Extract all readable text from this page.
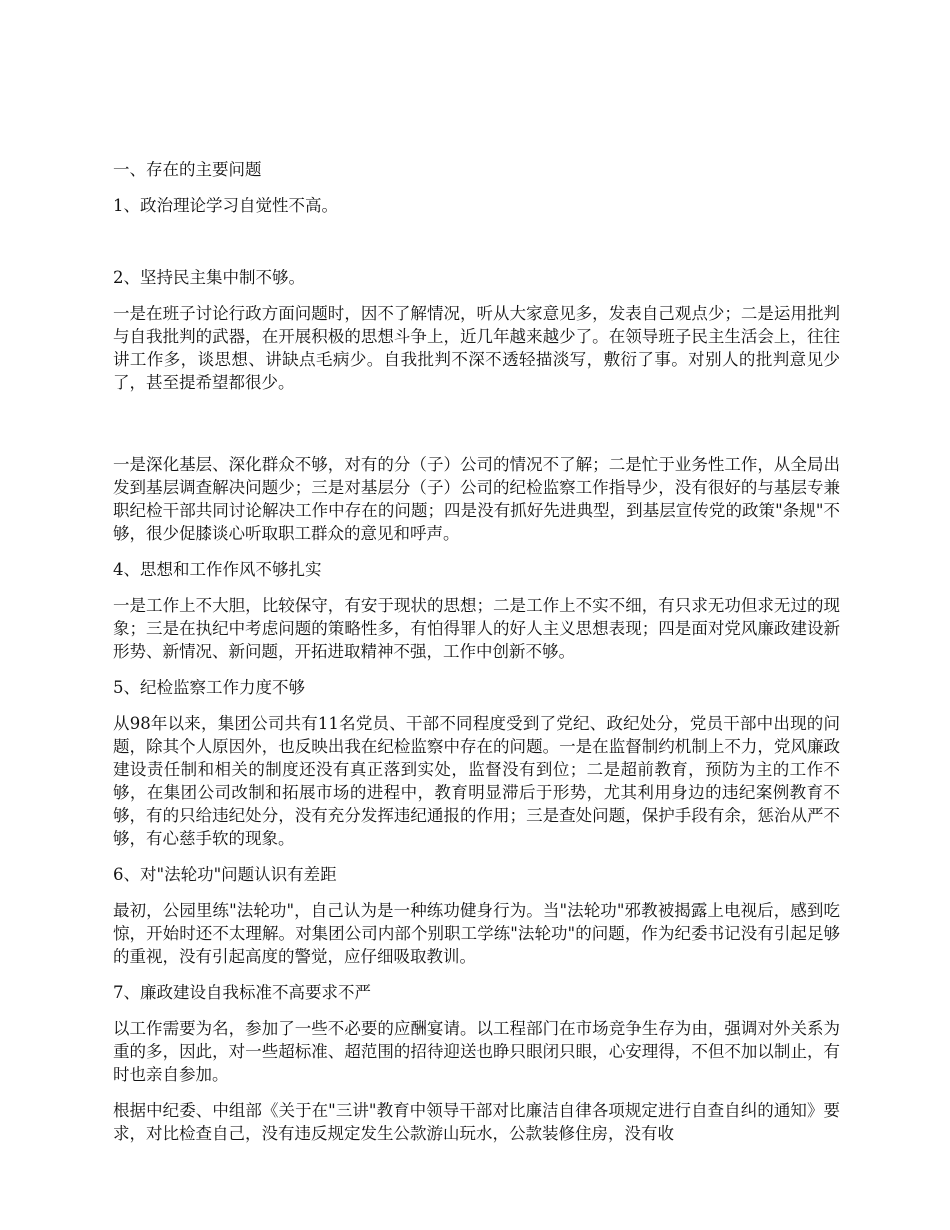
一、存在的主要问题

1、政治理论学习自觉性不高。

2、坚持民主集中制不够。

一是在班子讨论行政方面问题时，因不了解情况，听从大家意见多，发表自己观点少；二是运用批判与自我批判的武器，在开展积极的思想斗争上，近几年越来越少了。在领导班子民主生活会上，往往讲工作多，谈思想、讲缺点毛病少。自我批判不深不透轻描淡写，敷衍了事。对别人的批判意见少了，甚至提希望都很少。

一是深化基层、深化群众不够，对有的分（子）公司的情况不了解；二是忙于业务性工作，从全局出发到基层调查解决问题少；三是对基层分（子）公司的纪检监察工作指导少，没有很好的与基层专兼职纪检干部共同讨论解决工作中存在的问题；四是没有抓好先进典型，到基层宣传党的政策"条规"不够，很少促膝谈心听取职工群众的意见和呼声。

4、思想和工作作风不够扎实

一是工作上不大胆，比较保守，有安于现状的思想；二是工作上不实不细，有只求无功但求无过的现象；三是在执纪中考虑问题的策略性多，有怕得罪人的好人主义思想表现；四是面对党风廉政建设新形势、新情况、新问题，开拓进取精神不强，工作中创新不够。

5、纪检监察工作力度不够

从98年以来，集团公司共有11名党员、干部不同程度受到了党纪、政纪处分，党员干部中出现的问题，除其个人原因外，也反映出我在纪检监察中存在的问题。一是在监督制约机制上不力，党风廉政建设责任制和相关的制度还没有真正落到实处，监督没有到位；二是超前教育，预防为主的工作不够，在集团公司改制和拓展市场的进程中，教育明显滞后于形势，尤其利用身边的违纪案例教育不够，有的只给违纪处分，没有充分发挥违纪通报的作用；三是查处问题，保护手段有余，惩治从严不够，有心慈手软的现象。

6、对"法轮功"问题认识有差距

最初，公园里练"法轮功"，自己认为是一种练功健身行为。当"法轮功"邪教被揭露上电视后，感到吃惊，开始时还不太理解。对集团公司内部个别职工学练"法轮功"的问题，作为纪委书记没有引起足够的重视，没有引起高度的警觉，应仔细吸取教训。

7、廉政建设自我标准不高要求不严

以工作需要为名，参加了一些不必要的应酬宴请。以工程部门在市场竞争生存为由，强调对外关系为重的多，因此，对一些超标准、超范围的招待迎送也睁只眼闭只眼，心安理得，不但不加以制止，有时也亲自参加。

根据中纪委、中组部《关于在"三讲"教育中领导干部对比廉洁自律各项规定进行自查自纠的通知》要求，对比检查自己，没有违反规定发生公款游山玩水，公款装修住房，没有收
